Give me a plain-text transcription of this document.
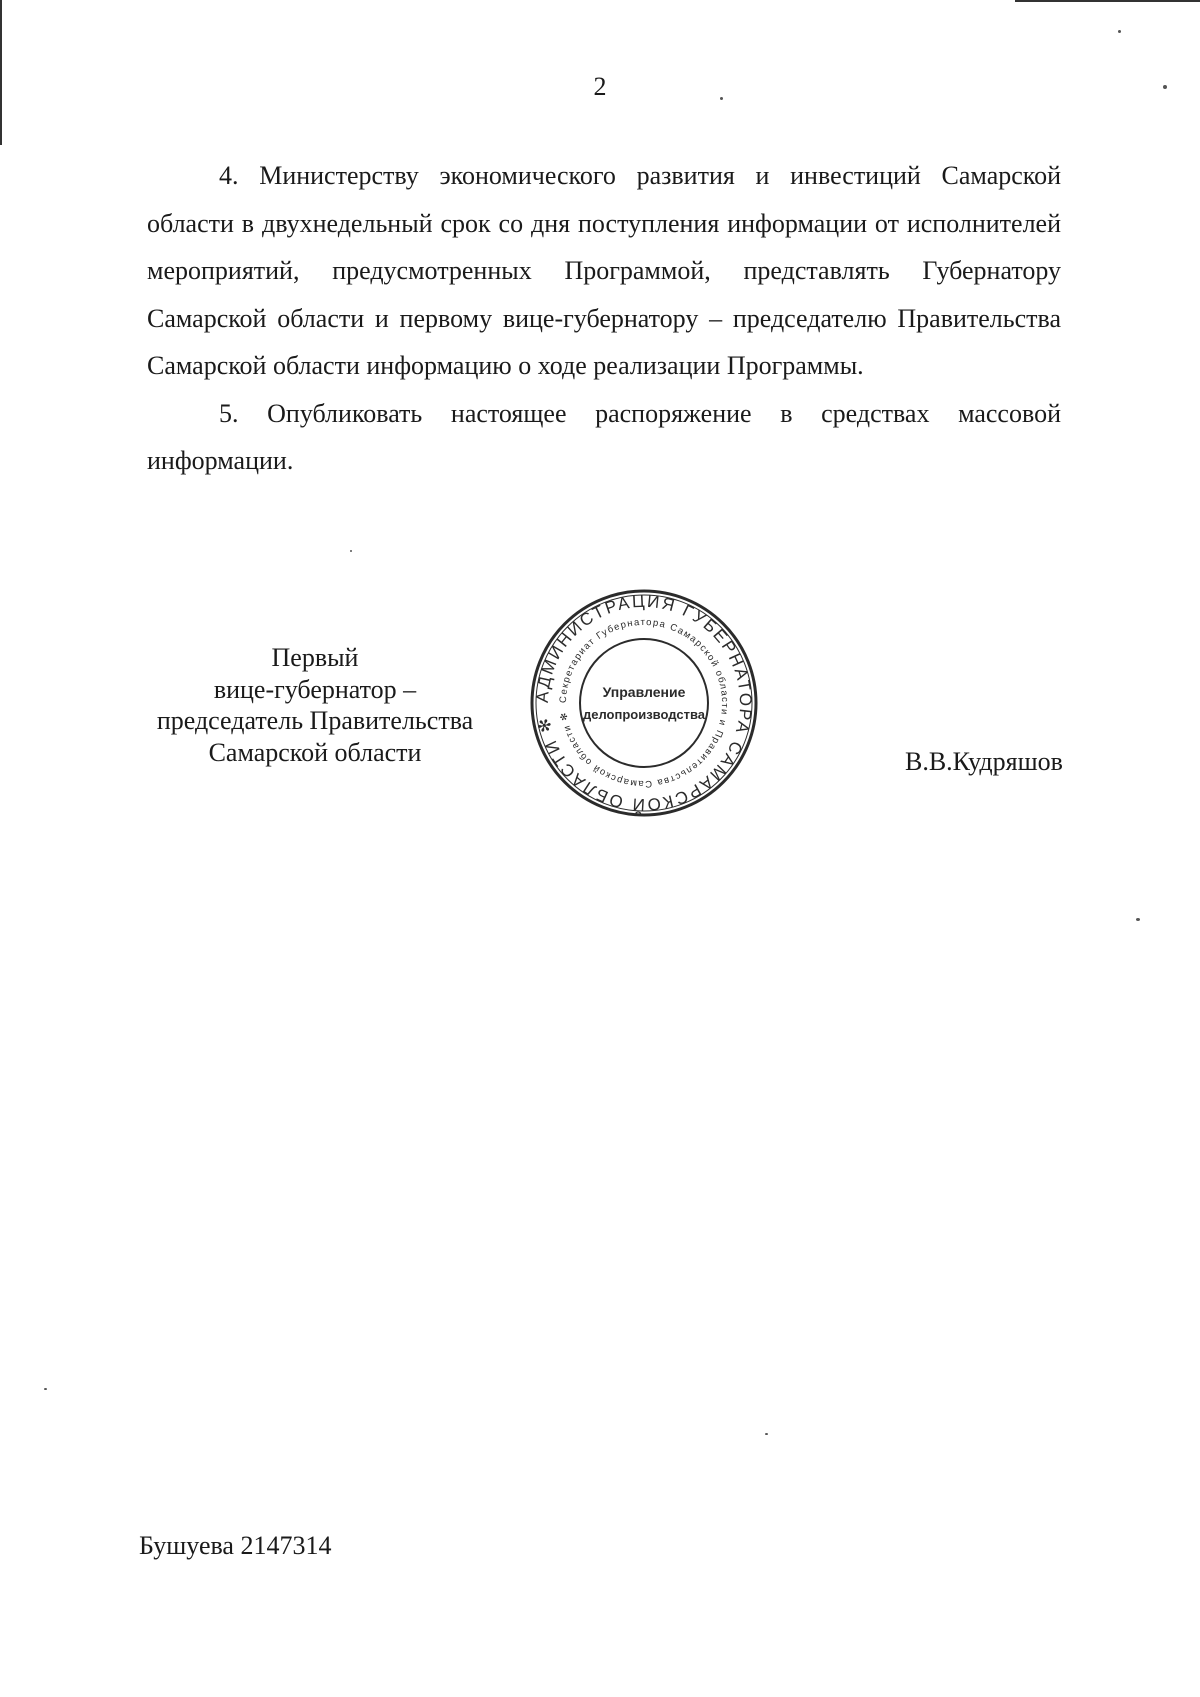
2

4. Министерству экономического развития и инвестиций Самарской области в двухнедельный срок со дня поступления информации от исполнителей мероприятий, предусмотренных Программой, представлять Губернатору Самарской области и первому вице-губернатору – председателю Правительства Самарской области информацию о ходе реализации Программы.

5. Опубликовать настоящее распоряжение в средствах массовой информации.

Первый
вице-губернатор –
председатель Правительства
Самарской области
АДМИНИСТРАЦИЯ ГУБЕРНАТОРА САМАРСКОЙ ОБЛАСТИ ✻
Секретариат Губернатора Самарской области и Правительства Самарской области ✻
Управление
делопроизводства
В.В.Кудряшов
Бушуева 2147314
